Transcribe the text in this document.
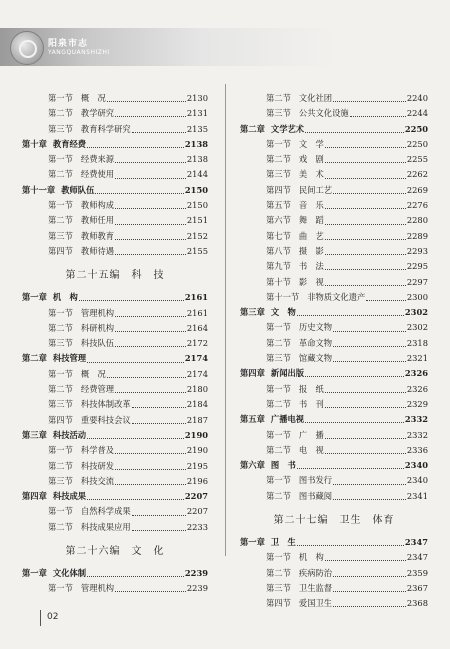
阳泉市志
YANGQUANSHIZHI
第一节 概　况	2130
第二节 教学研究	2131
第三节 教育科学研究	2135
第十章 教育经费	2138
第一节 经费来源	2138
第二节 经费使用	2144
第十一章 教师队伍	2150
第一节 教师构成	2150
第二节 教师任用	2151
第三节 教师教育	2152
第四节 教师待遇	2155
第二十五编　科　技
第一章 机　构	2161
第一节 管理机构	2161
第二节 科研机构	2164
第三节 科技队伍	2172
第二章 科技管理	2174
第一节 概　况	2174
第二节 经费管理	2180
第三节 科技体制改革	2184
第四节 重要科技会议	2187
第三章 科技活动	2190
第一节 科学普及	2190
第二节 科技研发	2195
第三节 科技交流	2196
第四章 科技成果	2207
第一节 自然科学成果	2207
第二节 科技成果应用	2233
第二十六编　文　化
第一章 文化体制	2239
第一节 管理机构	2239
第二节 文化社团	2240
第三节 公共文化设施	2244
第二章 文学艺术	2250
第一节 文　学	2250
第二节 戏　剧	2255
第三节 美　术	2262
第四节 民间工艺	2269
第五节 音　乐	2276
第六节 舞　蹈	2280
第七节 曲　艺	2289
第八节 摄　影	2293
第九节 书　法	2295
第十节 影　视	2297
第十一节 非物质文化遗产	2300
第三章 文　物	2302
第一节 历史文物	2302
第二节 革命文物	2318
第三节 馆藏文物	2321
第四章 新闻出版	2326
第一节 报　纸	2326
第二节 书　刊	2329
第五章 广播电视	2332
第一节 广　播	2332
第二节 电　视	2336
第六章 图　书	2340
第一节 图书发行	2340
第二节 图书藏阅	2341
第二十七编　卫生　体育
第一章 卫　生	2347
第一节 机　构	2347
第二节 疾病防治	2359
第三节 卫生监督	2367
第四节 爱国卫生	2368
02
